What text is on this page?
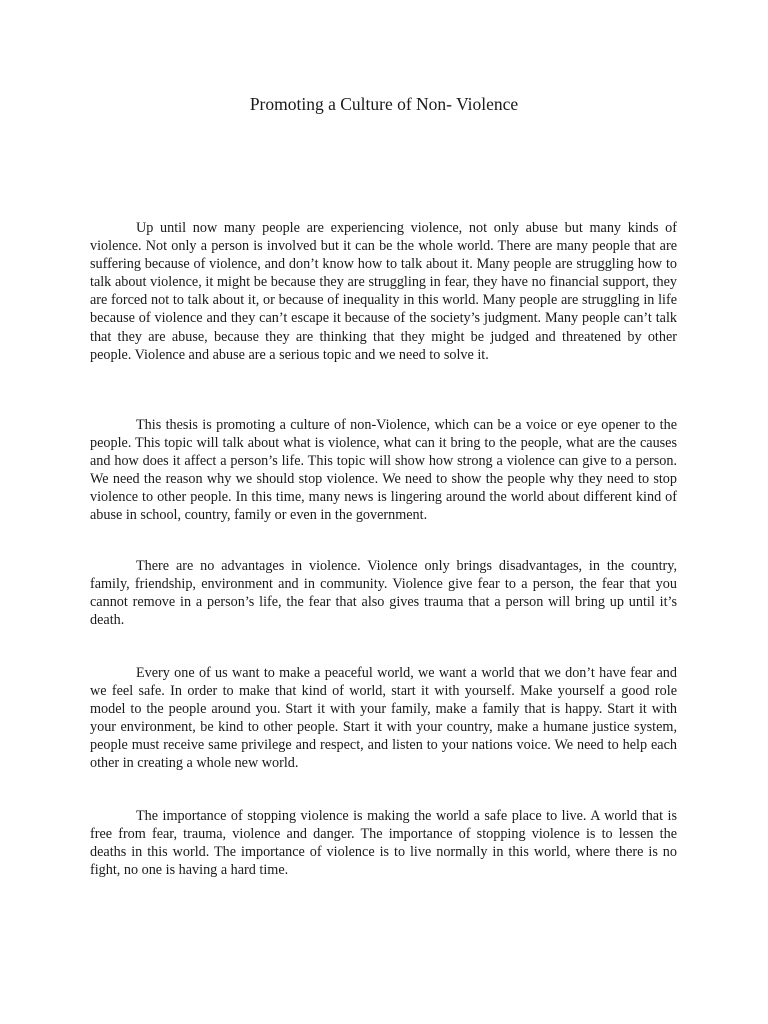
Promoting a Culture of Non- Violence

Up until now many people are experiencing violence, not only abuse but many kinds of violence. Not only a person is involved but it can be the whole world. There are many people that are suffering because of violence, and don’t know how to talk about it. Many people are struggling how to talk about violence, it might be because they are struggling in fear, they have no financial support, they are forced not to talk about it, or because of inequality in this world. Many people are struggling in life because of violence and they can’t escape it because of the society’s judgment. Many people can’t talk that they are abuse, because they are thinking that they might be judged and threatened by other people. Violence and abuse are a serious topic and we need to solve it.

This thesis is promoting a culture of non-Violence, which can be a voice or eye opener to the people. This topic will talk about what is violence, what can it bring to the people, what are the causes and how does it affect a person’s life. This topic will show how strong a violence can give to a person. We need the reason why we should stop violence. We need to show the people why they need to stop violence to other people. In this time, many news is lingering around the world about different kind of abuse in school, country, family or even in the government.

There are no advantages in violence. Violence only brings disadvantages, in the country, family, friendship, environment and in community. Violence give fear to a person, the fear that you cannot remove in a person’s life, the fear that also gives trauma that a person will bring up until it’s death.

Every one of us want to make a peaceful world, we want a world that we don’t have fear and we feel safe. In order to make that kind of world, start it with yourself. Make yourself a good role model to the people around you. Start it with your family, make a family that is happy. Start it with your environment, be kind to other people. Start it with your country, make a humane justice system, people must receive same privilege and respect, and listen to your nations voice. We need to help each other in creating a whole new world.

The importance of stopping violence is making the world a safe place to live. A world that is free from fear, trauma, violence and danger. The importance of stopping violence is to lessen the deaths in this world. The importance of violence is to live normally in this world, where there is no fight, no one is having a hard time.
